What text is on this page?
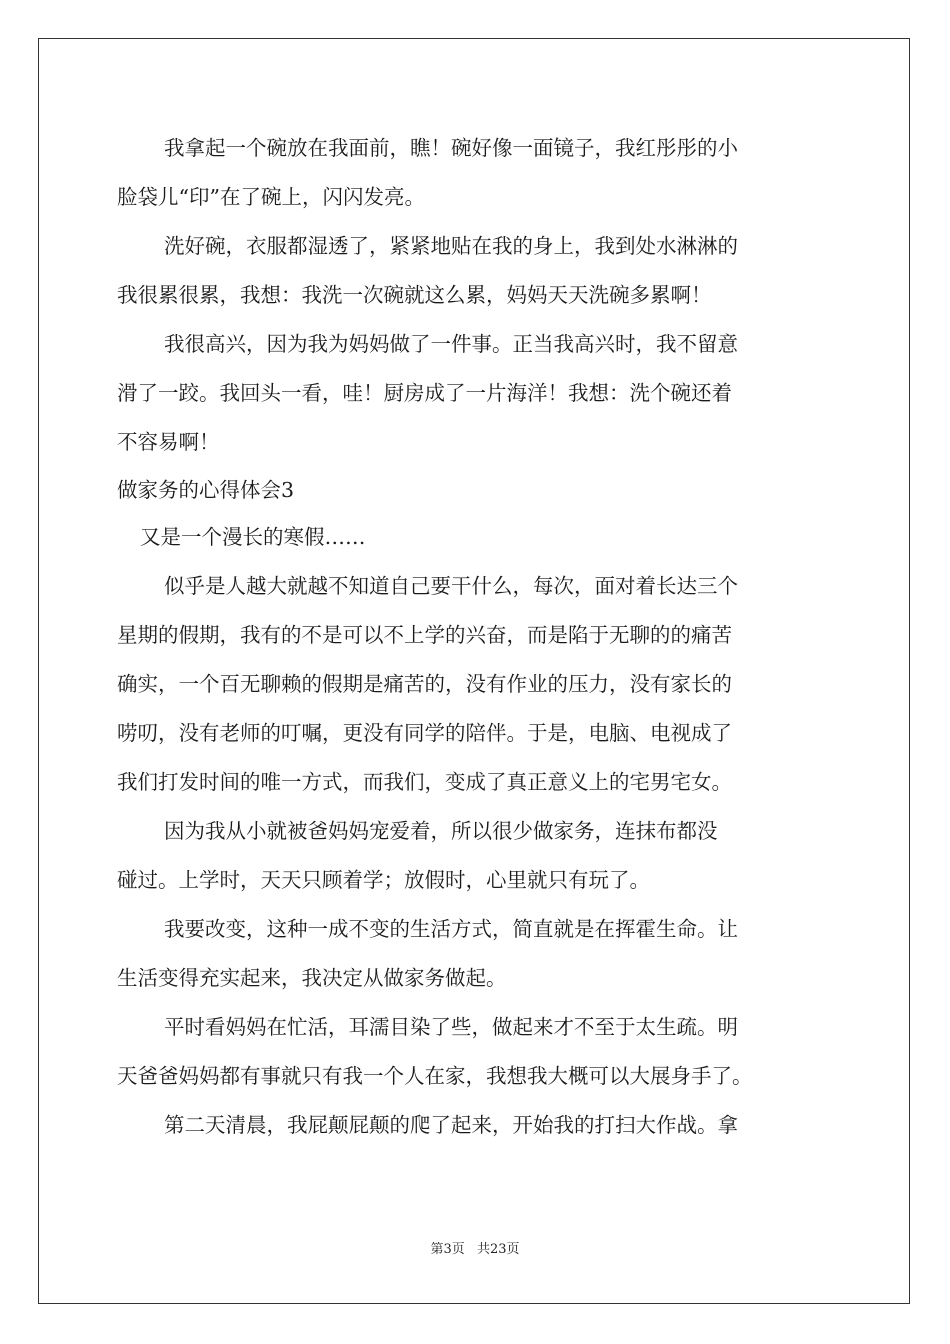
我拿起一个碗放在我面前，瞧！碗好像一面镜子，我红彤彤的小
脸袋儿“印”在了碗上，闪闪发亮。
洗好碗，衣服都湿透了，紧紧地贴在我的身上，我到处水淋淋的
我很累很累，我想：我洗一次碗就这么累，妈妈天天洗碗多累啊！
我很高兴，因为我为妈妈做了一件事。正当我高兴时，我不留意
滑了一跤。我回头一看，哇！厨房成了一片海洋！我想：洗个碗还着
不容易啊！
做家务的心得体会3
又是一个漫长的寒假……
似乎是人越大就越不知道自己要干什么，每次，面对着长达三个
星期的假期，我有的不是可以不上学的兴奋，而是陷于无聊的的痛苦
确实，一个百无聊赖的假期是痛苦的，没有作业的压力，没有家长的
唠叨，没有老师的叮嘱，更没有同学的陪伴。于是，电脑、电视成了
我们打发时间的唯一方式，而我们，变成了真正意义上的宅男宅女。
因为我从小就被爸妈妈宠爱着，所以很少做家务，连抹布都没
碰过。上学时，天天只顾着学；放假时，心里就只有玩了。
我要改变，这种一成不变的生活方式，简直就是在挥霍生命。让
生活变得充实起来，我决定从做家务做起。
平时看妈妈在忙活，耳濡目染了些，做起来才不至于太生疏。明
天爸爸妈妈都有事就只有我一个人在家，我想我大概可以大展身手了。
第二天清晨，我屁颠屁颠的爬了起来，开始我的打扫大作战。拿
第3页 共23页
